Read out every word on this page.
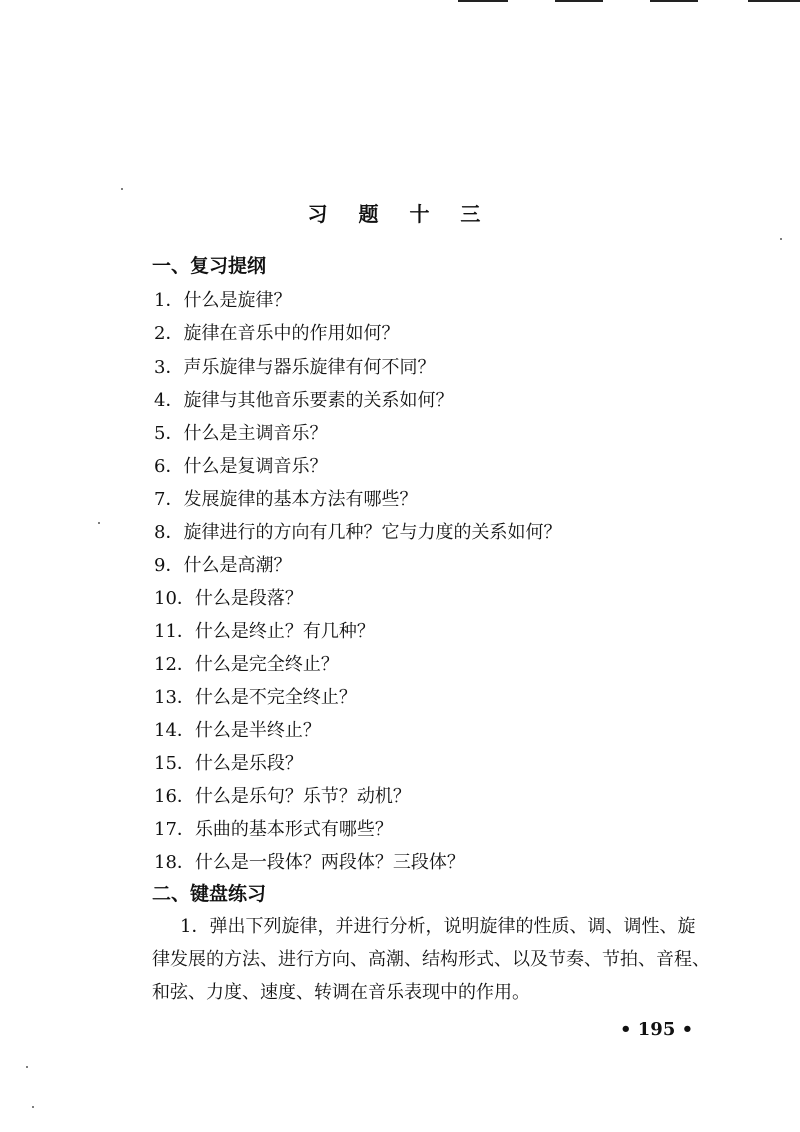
习 题 十 三
一、复习提纲
1．什么是旋律？
2．旋律在音乐中的作用如何？
3．声乐旋律与器乐旋律有何不同？
4．旋律与其他音乐要素的关系如何？
5．什么是主调音乐？
6．什么是复调音乐？
7．发展旋律的基本方法有哪些？
8．旋律进行的方向有几种？它与力度的关系如何？
9．什么是高潮？
10．什么是段落？
11．什么是终止？有几种？
12．什么是完全终止？
13．什么是不完全终止？
14．什么是半终止？
15．什么是乐段？
16．什么是乐句？乐节？动机？
17．乐曲的基本形式有哪些？
18．什么是一段体？两段体？三段体？
二、键盘练习
1．弹出下列旋律，并进行分析，说明旋律的性质、调、调性、旋
律发展的方法、进行方向、高潮、结构形式、以及节奏、节拍、音程、
和弦、力度、速度、转调在音乐表现中的作用。
• 195 •
